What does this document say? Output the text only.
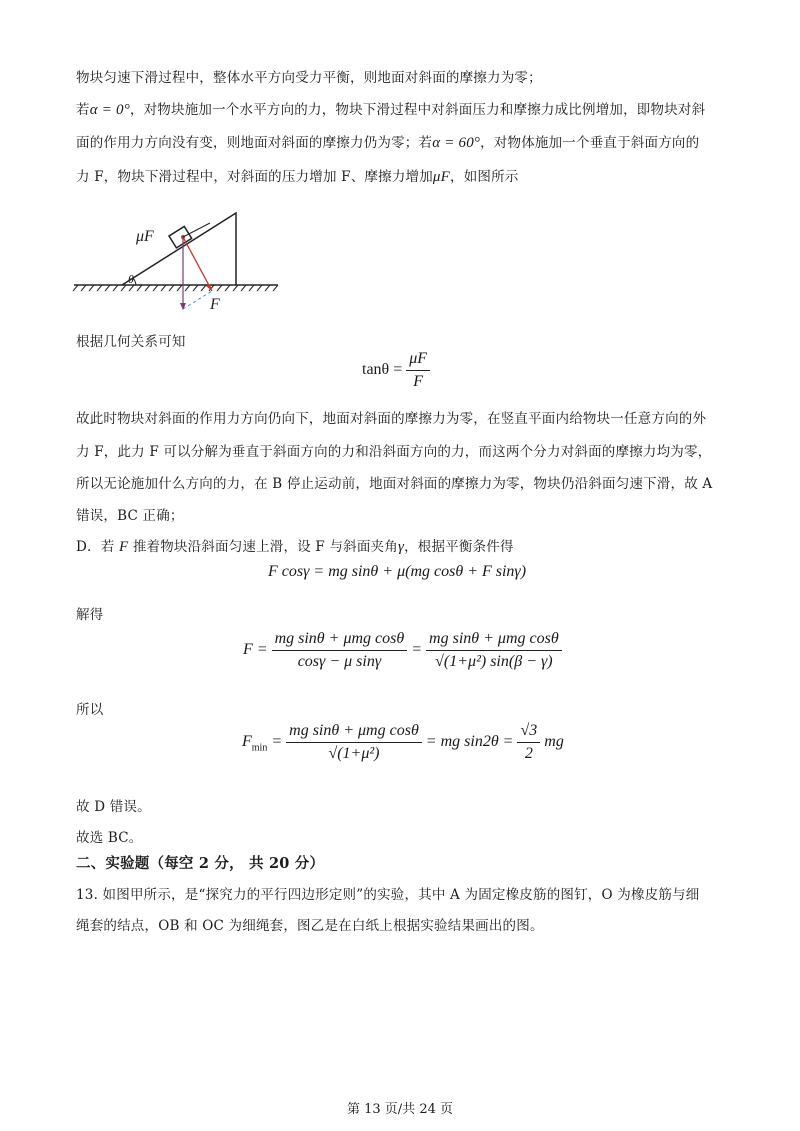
物块匀速下滑过程中，整体水平方向受力平衡，则地面对斜面的摩擦力为零；
若α = 0°，对物块施加一个水平方向的力，物块下滑过程中对斜面压力和摩擦力成比例增加，即物块对斜
面的作用力方向没有变，则地面对斜面的摩擦力仍为零；若α = 60°，对物体施加一个垂直于斜面方向的
力 F，物块下滑过程中，对斜面的压力增加 F、摩擦力增加μF，如图所示
θ
μF
F
根据几何关系可知
$\tan\theta = \frac{\mu F}{F}$
故此时物块对斜面的作用力方向仍向下，地面对斜面的摩擦力为零，在竖直平面内给物块一任意方向的外
力 F，此力 F 可以分解为垂直于斜面方向的力和沿斜面方向的力，而这两个分力对斜面的摩擦力均为零，
所以无论施加什么方向的力，在 B 停止运动前，地面对斜面的摩擦力为零，物块仍沿斜面匀速下滑，故 A
错误，BC 正确；
D．若 F 推着物块沿斜面匀速上滑，设 F 与斜面夹角γ，根据平衡条件得
F cosγ = mg sinθ + μ(mg cosθ + F sinγ)
解得
$F = \frac{\text{mg sinθ + μmg cosθ}}{\text{cosγ − μ sinγ}} = \frac{\text{mg sinθ + μmg cosθ}}{\text{√(1+μ²) sin(β − γ)}}$
所以
$F_{min} = \frac{\text{mg sinθ + μmg cosθ}}{\text{√(1+μ²)}}$ = mg $\sin 2\theta = \frac{√3}{2}$ mg
故 D 错误。
故选 BC。
二、实验题（每空 2 分， 共 20 分）
13. 如图甲所示，是“探究力的平行四边形定则”的实验，其中 A 为固定橡皮筋的图钉，O 为橡皮筋与细
绳套的结点，OB 和 OC 为细绳套，图乙是在白纸上根据实验结果画出的图。
第 13 页/共 24 页
